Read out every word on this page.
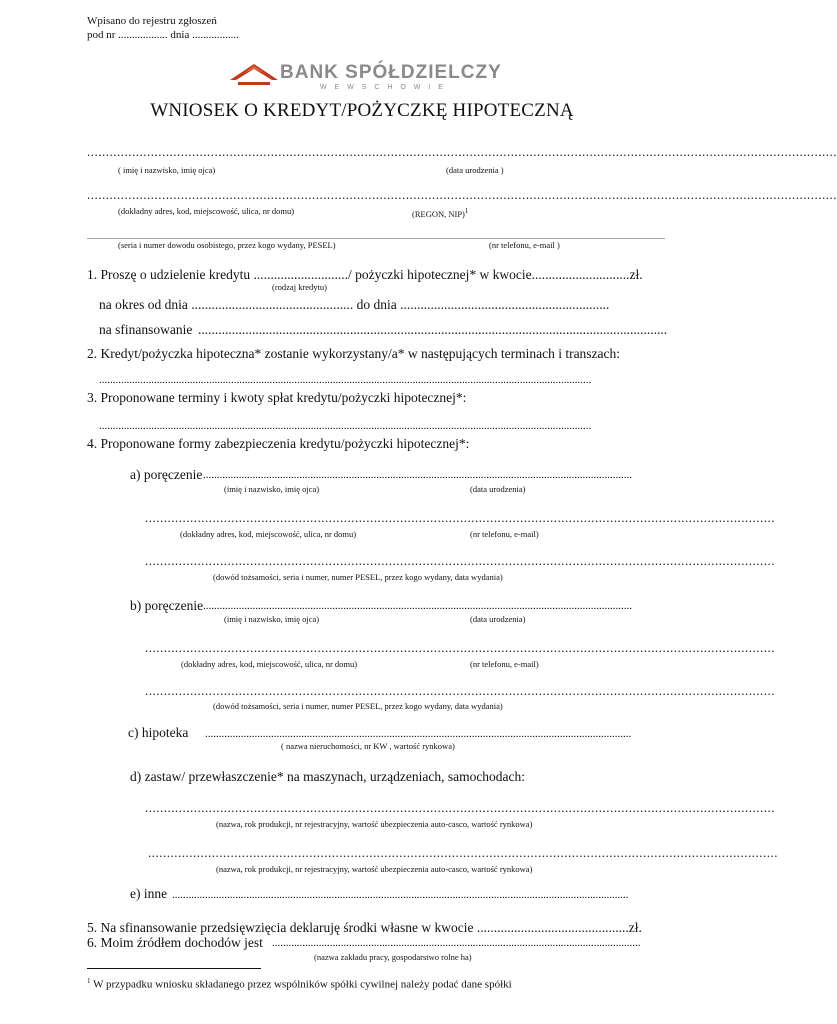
Wpisano do rejestru zgłoszeń
pod nr .................. dnia .................
BANK SPÓŁDZIELCZY
W E W S C H O W I E
WNIOSEK O KREDYT/POŻYCZKĘ HIPOTECZNĄ
........................................................................................................................................................................................................
( imię i nazwisko, imię ojca)	(data urodzenia )
........................................................................................................................................................................................................
(dokładny adres, kod, miejscowość, ulica, nr domu)	(REGON, NIP)$^1$
.................................................................................................................................................................................................................................................................................................
(seria i numer dowodu osobistego, przez kogo wydany, PESEL)	(nr telefonu, e-mail )
1. Proszę o udzielenie kredytu ............................/ pożyczki hipotecznej* w kwocie.............................zł.
(rodzaj kredytu)
na okres od dnia ................................................ do dnia ..............................................................
na sfinansowanie ...........................................................................................................................................
2. Kredyt/pożyczka hipoteczna* zostanie wykorzystany/a* w następujących terminach i transzach:
...................................................................................................................................................................................
3. Proponowane terminy i kwoty spłat kredytu/pożyczki hipotecznej*:
...................................................................................................................................................................................
4. Proponowane formy zabezpieczenia kredytu/pożyczki hipotecznej*:
a) poręczenie ............................................................................................................................................................
(imię i nazwisko, imię ojca)	(data urodzenia)
........................................................................................................................................................................
(dokładny adres, kod, miejscowość, ulica, nr domu)	(nr telefonu, e-mail)
........................................................................................................................................................................
(dowód tożsamości, seria i numer, numer PESEL, przez kogo wydany, data wydania)
b) poręczenie ............................................................................................................................................................
(imię i nazwisko, imię ojca)	(data urodzenia)
........................................................................................................................................................................
(dokładny adres, kod, miejscowość, ulica, nr domu)	(nr telefonu, e-mail)
........................................................................................................................................................................
(dowód tożsamości, seria i numer, numer PESEL, przez kogo wydany, data wydania)
c) hipoteka ...........................................................................................................................................................
( nazwa nieruchomości, nr KW , wartość rynkowa)
d) zastaw/ przewłaszczenie* na maszynach, urządzeniach, samochodach:
........................................................................................................................................................................
(nazwa, rok produkcji, nr rejestracyjny, wartość ubezpieczenia auto-casco, wartość rynkowa)
........................................................................................................................................................................
(nazwa, rok produkcji, nr rejestracyjny, wartość ubezpieczenia auto-casco, wartość rynkowa)
e) inne ......................................................................................................................................................................
5. Na sfinansowanie przedsięwzięcia deklaruję środki własne w kwocie .............................................zł.
6. Moim źródłem dochodów jest ......................................................................................................................................
(nazwa zakładu pracy, gospodarstwo rolne ha)
$^1$ W przypadku wniosku składanego przez wspólników spółki cywilnej należy podać dane spółki
